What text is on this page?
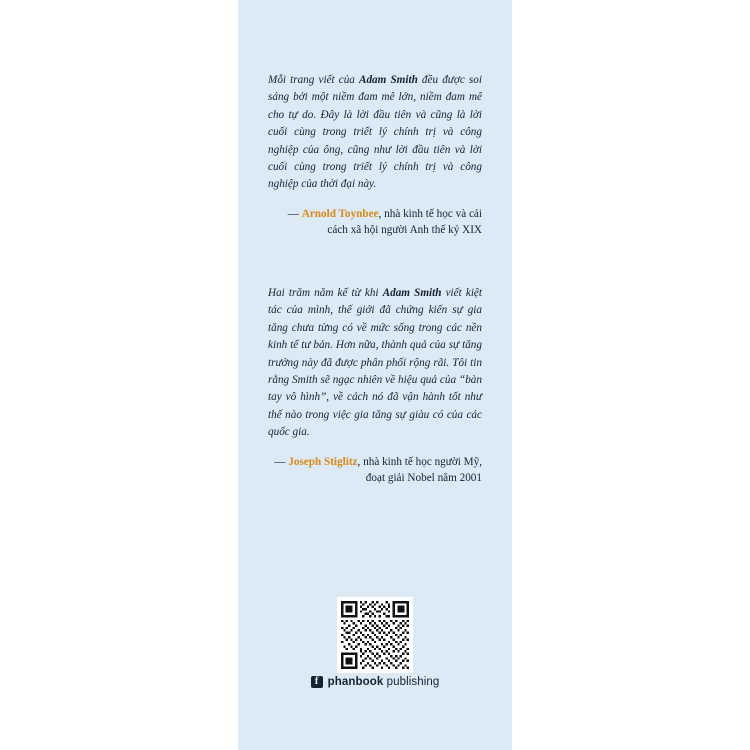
Mỗi trang viết của Adam Smith đều được soi sáng bởi một niềm đam mê lớn, niềm đam mê cho tự do. Đây là lời đầu tiên và cũng là lời cuối cùng trong triết lý chính trị và công nghiệp của ông, cũng như lời đầu tiên và lời cuối cùng trong triết lý chính trị và công nghiệp của thời đại này.

— Arnold Toynbee, nhà kinh tế học và cải cách xã hội người Anh thế kỷ XIX

Hai trăm năm kể từ khi Adam Smith viết kiệt tác của mình, thế giới đã chứng kiến sự gia tăng chưa từng có về mức sống trong các nền kinh tế tư bản. Hơn nữa, thành quả của sự tăng trưởng này đã được phân phối rộng rãi. Tôi tin rằng Smith sẽ ngạc nhiên về hiệu quả của “bàn tay vô hình”, về cách nó đã vận hành tốt như thế nào trong việc gia tăng sự giàu có của các quốc gia.

— Joseph Stiglitz, nhà kinh tế học người Mỹ, đoạt giải Nobel năm 2001
f
phanbook publishing
